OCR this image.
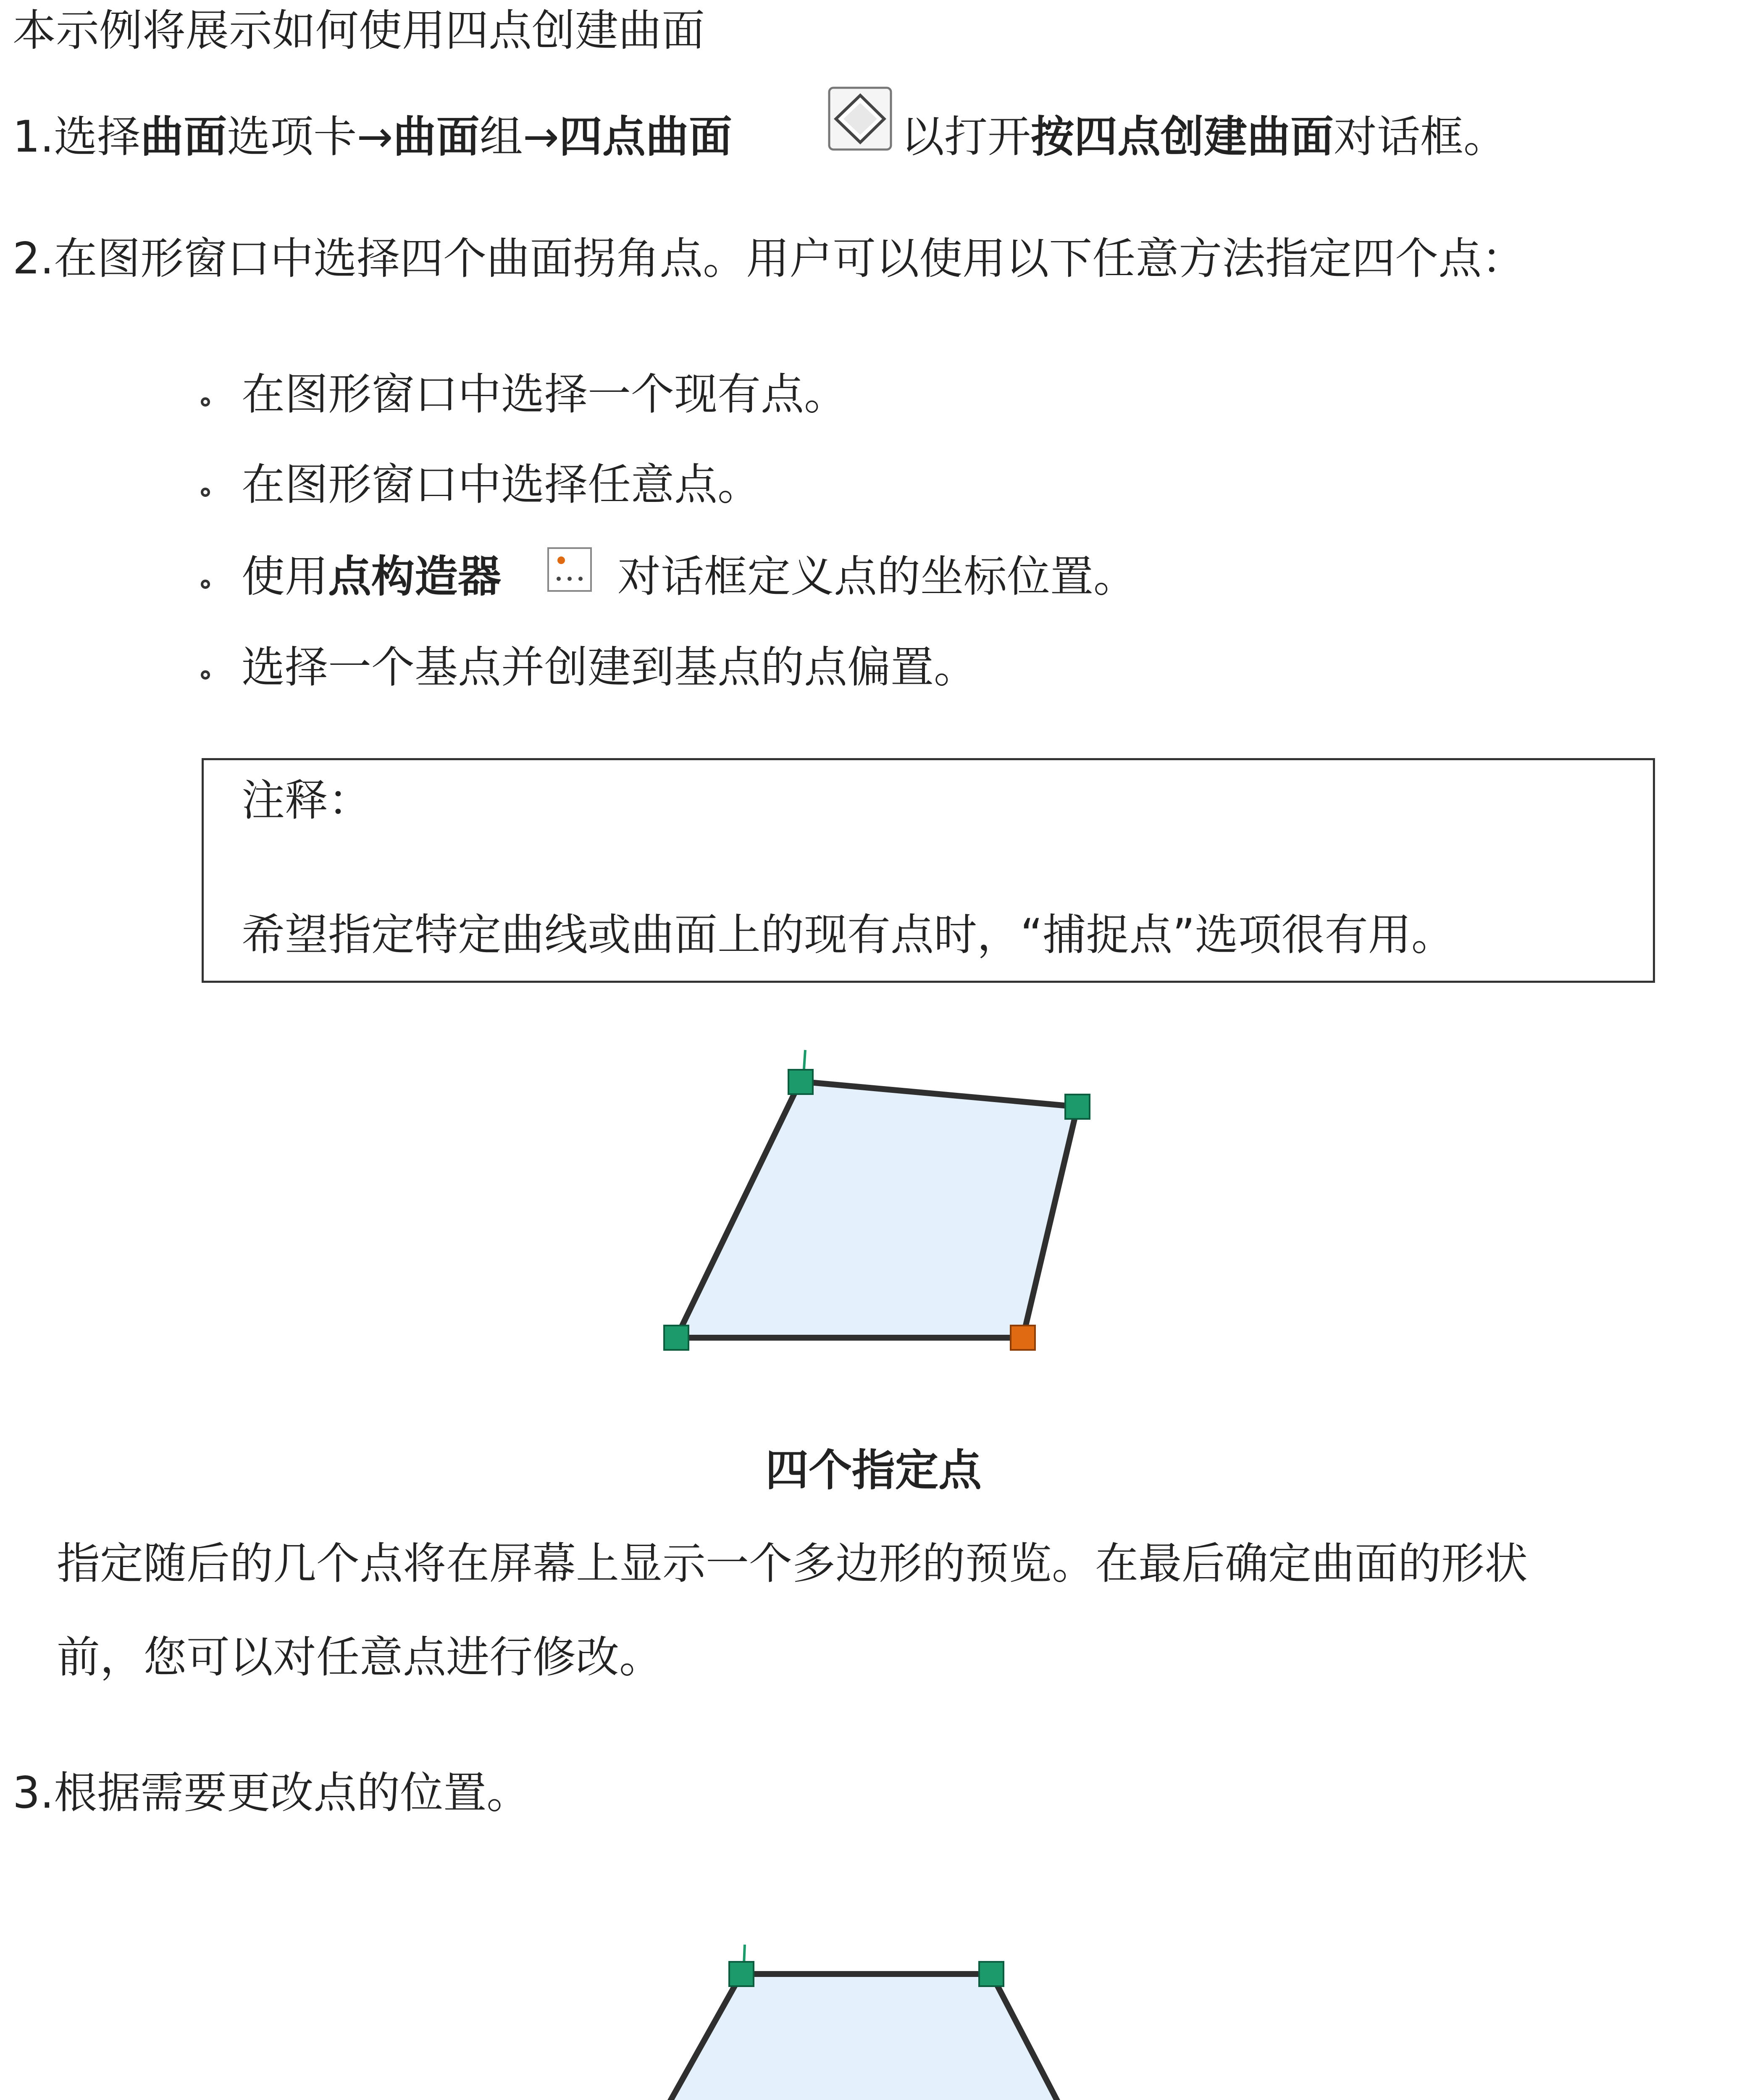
本示例将展示如何使用四点创建曲面
1.选择曲面选项卡→曲面组→四点曲面	以打开按四点创建曲面对话框。
2.在图形窗口中选择四个曲面拐角点。用户可以使用以下任意方法指定四个点：
在图形窗口中选择一个现有点。
在图形窗口中选择任意点。
使用点构造器	对话框定义点的坐标位置。
选择一个基点并创建到基点的点偏置。
注释：
希望指定特定曲线或曲面上的现有点时，“捕捉点”选项很有用。
四个指定点
指定随后的几个点将在屏幕上显示一个多边形的预览。在最后确定曲面的形状
前，您可以对任意点进行修改。
3.根据需要更改点的位置。
